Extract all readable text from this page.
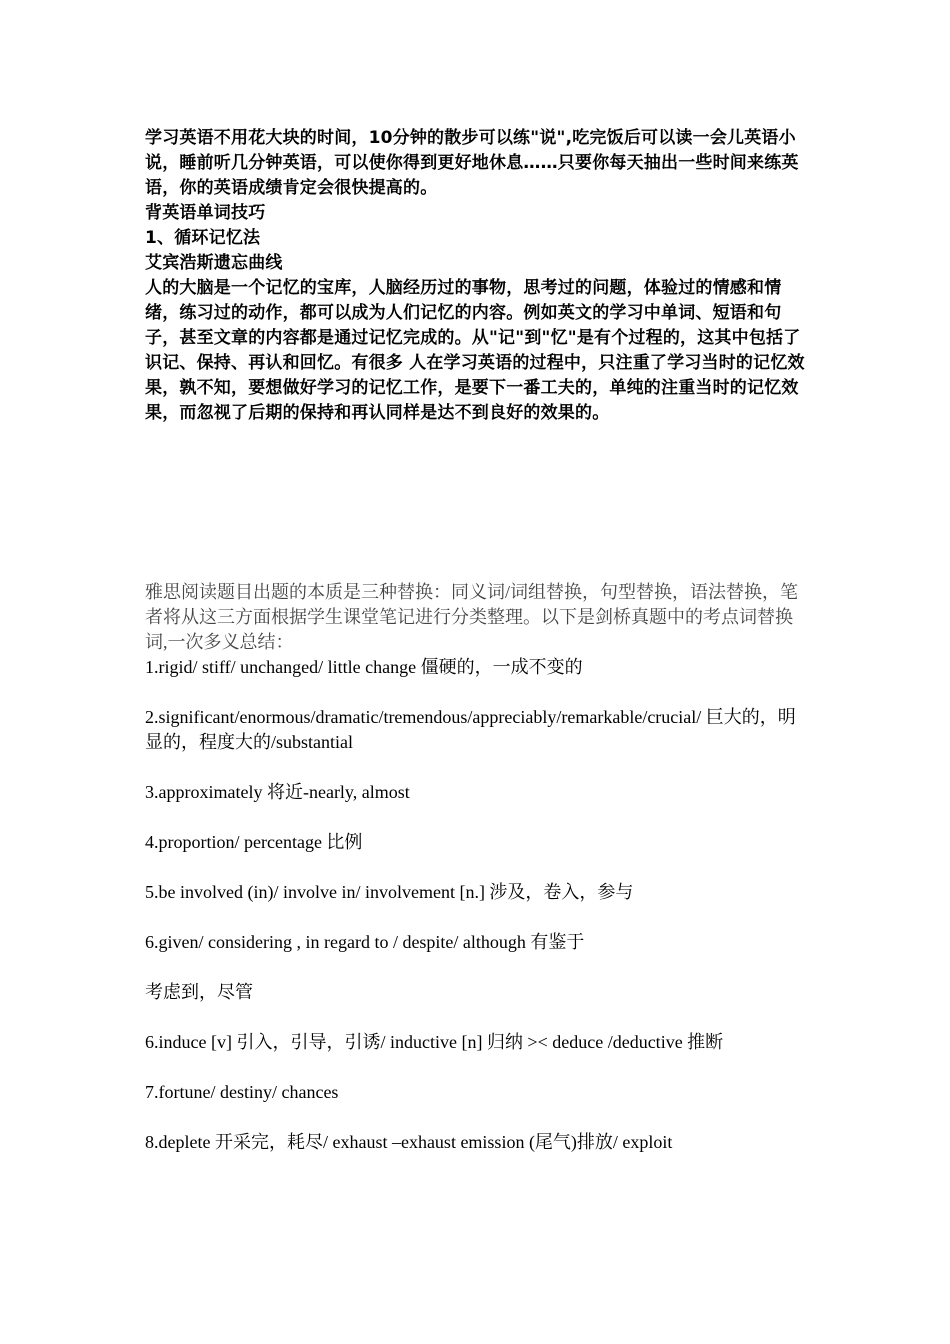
学习英语不用花大块的时间，10分钟的散步可以练"说",吃完饭后可以读一会儿英语小说，睡前听几分钟英语，可以使你得到更好地休息……只要你每天抽出一些时间来练英语，你的英语成绩肯定会很快提高的。

背英语单词技巧

1、循环记忆法

艾宾浩斯遗忘曲线

人的大脑是一个记忆的宝库，人脑经历过的事物，思考过的问题，体验过的情感和情绪，练习过的动作，都可以成为人们记忆的内容。例如英文的学习中单词、短语和句子，甚至文章的内容都是通过记忆完成的。从"记"到"忆"是有个过程的，这其中包括了识记、保持、再认和回忆。有很多 人在学习英语的过程中，只注重了学习当时的记忆效果，孰不知，要想做好学习的记忆工作，是要下一番工夫的，单纯的注重当时的记忆效果，而忽视了后期的保持和再认同样是达不到良好的效果的。

雅思阅读题目出题的本质是三种替换：同义词/词组替换，句型替换，语法替换，笔者将从这三方面根据学生课堂笔记进行分类整理。以下是剑桥真题中的考点词替换词,一次多义总结：

1.rigid/ stiff/ unchanged/ little change 僵硬的，一成不变的

2.significant/enormous/dramatic/tremendous/appreciably/remarkable/crucial/ 巨大的，明显的，程度大的/substantial

3.approximately 将近-nearly, almost

4.proportion/ percentage 比例

5.be involved (in)/ involve in/ involvement [n.] 涉及，卷入，参与

6.given/ considering , in regard to / despite/ although 有鉴于

考虑到，尽管

6.induce [v] 引入，引导，引诱/ inductive [n] 归纳 >< deduce /deductive 推断

7.fortune/ destiny/ chances

8.deplete 开采完，耗尽/ exhaust –exhaust emission (尾气)排放/ exploit
